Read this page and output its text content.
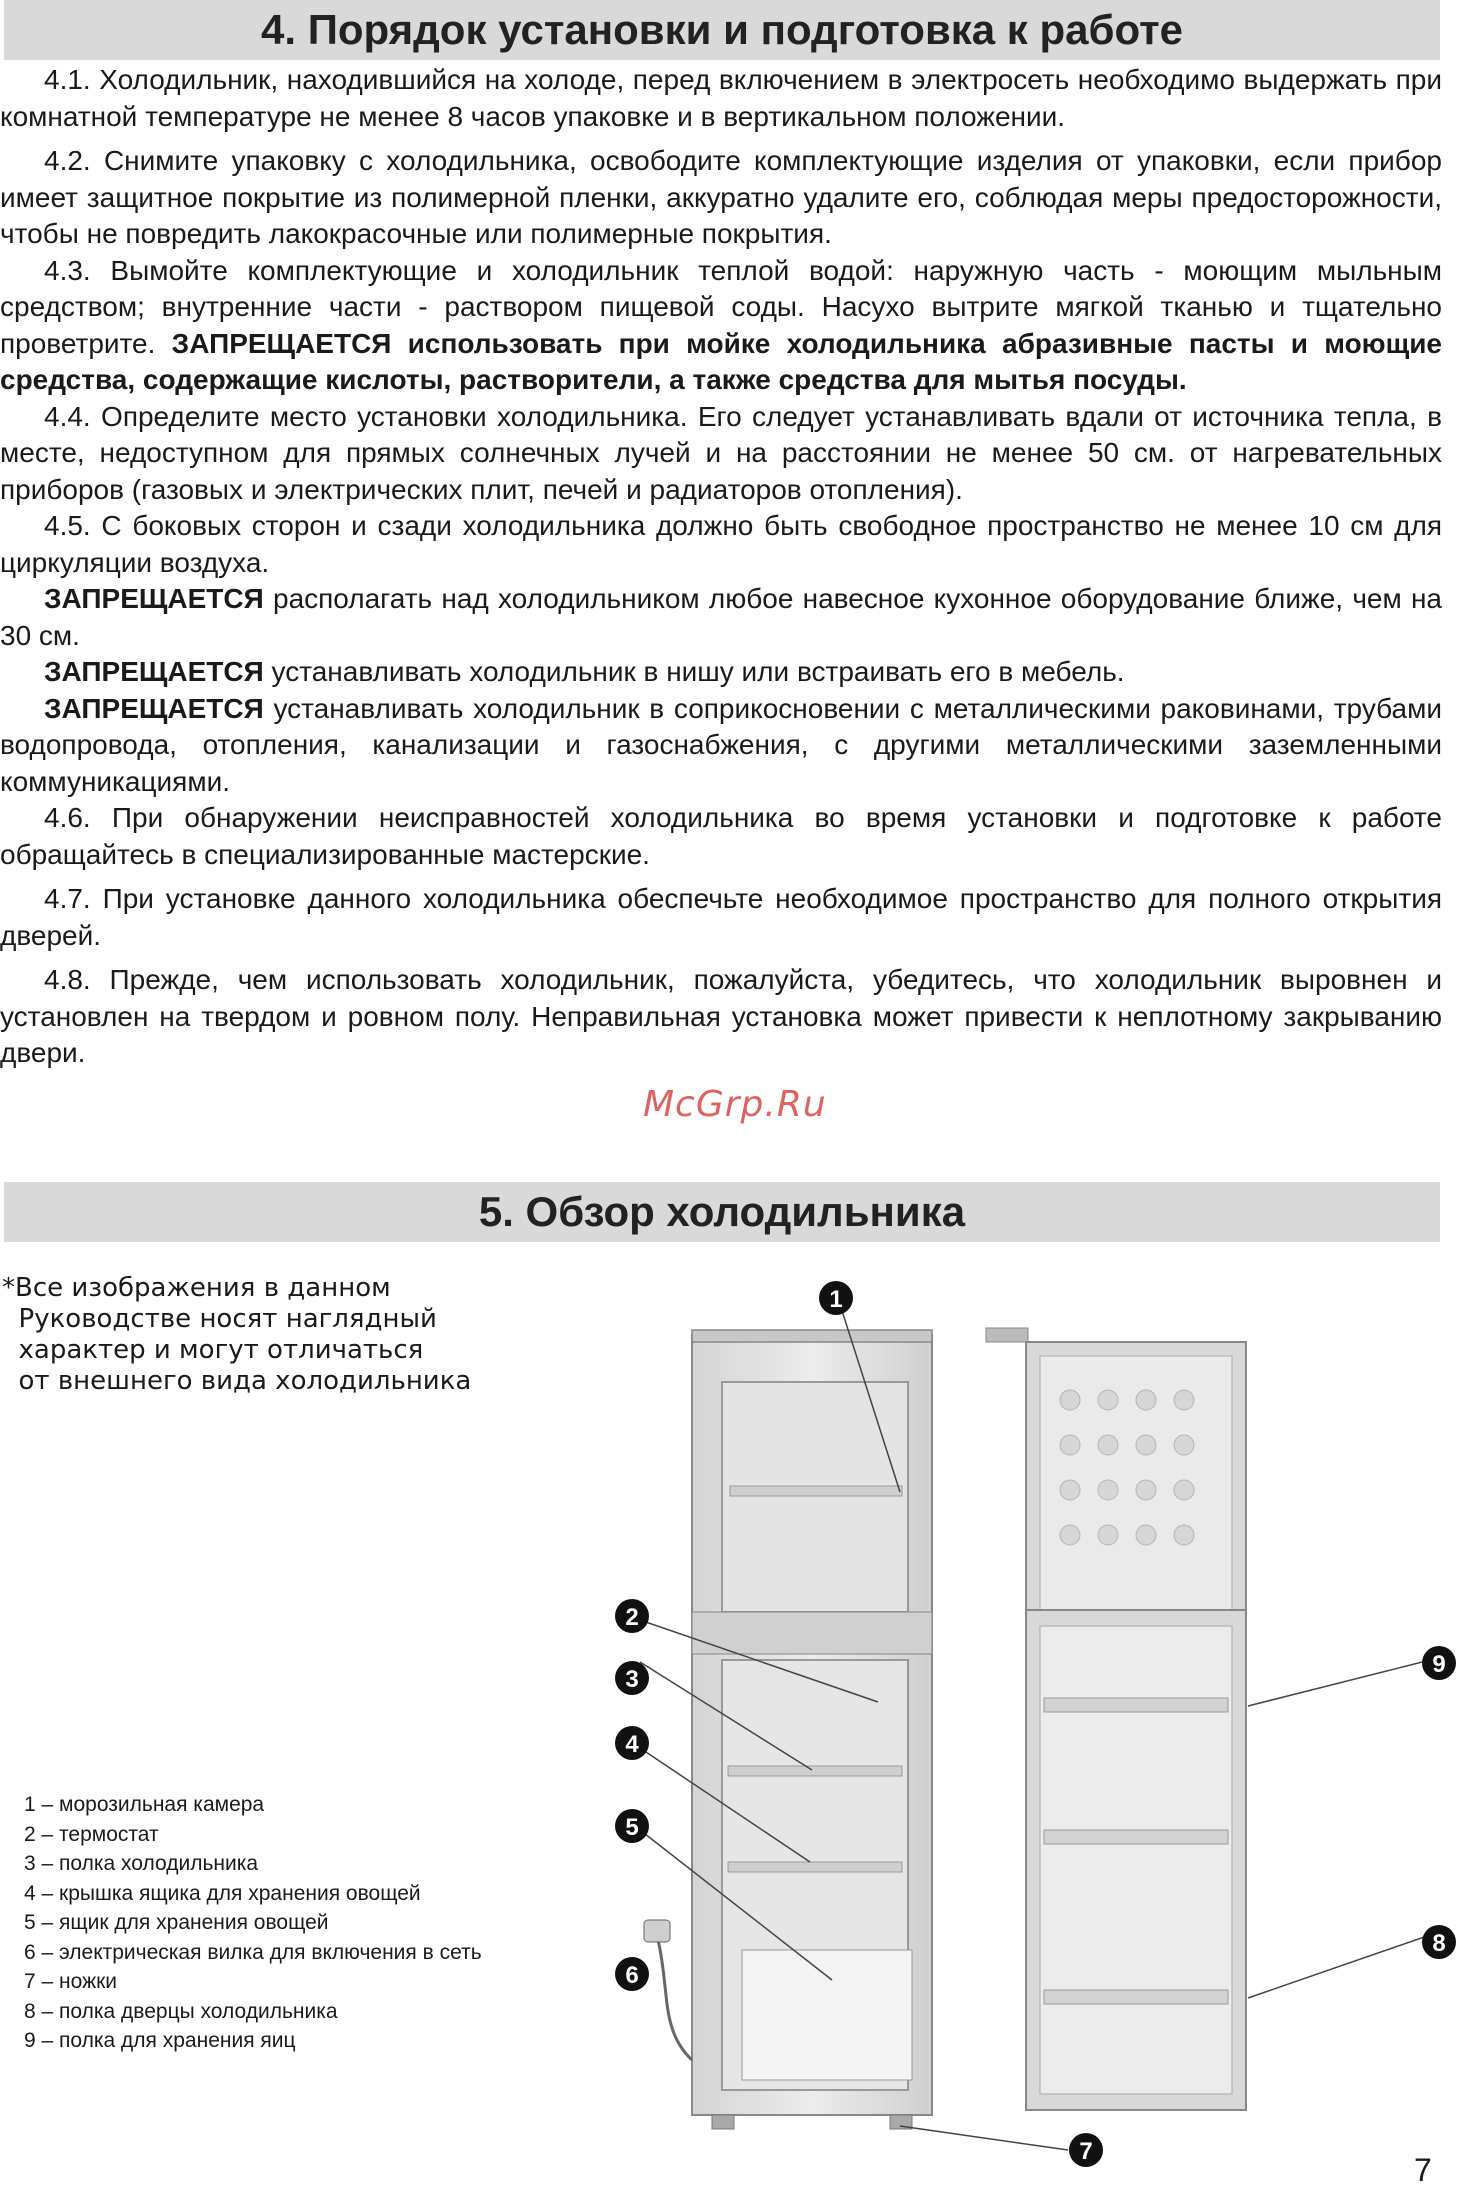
4. Порядок установки и подготовка к работе

4.1. Холодильник, находившийся на холоде, перед включением в электросеть необходимо выдержать при комнатной температуре не менее 8 часов упаковке и в вертикальном положении.

4.2. Снимите упаковку с холодильника, освободите комплектующие изделия от упаковки, если прибор имеет защитное покрытие из полимерной пленки, аккуратно удалите его, соблюдая меры предосторожности, чтобы не повредить лакокрасочные или полимерные покрытия.

4.3. Вымойте комплектующие и холодильник теплой водой: наружную часть - моющим мыльным средством; внутренние части - раствором пищевой соды. Насухо вытрите мягкой тканью и тщательно проветрите. ЗАПРЕЩАЕТСЯ использовать при мойке холодильника абразивные пасты и моющие средства, содержащие кислоты, растворители, а также средства для мытья посуды.

4.4. Определите место установки холодильника. Его следует устанавливать вдали от источника тепла, в месте, недоступном для прямых солнечных лучей и на расстоянии не менее 50 см. от нагревательных приборов (газовых и электрических плит, печей и радиаторов отопления).

4.5. С боковых сторон и сзади холодильника должно быть свободное пространство не менее 10 см для циркуляции воздуха.

ЗАПРЕЩАЕТСЯ располагать над холодильником любое навесное кухонное оборудование ближе, чем на 30 см.

ЗАПРЕЩАЕТСЯ устанавливать холодильник в нишу или встраивать его в мебель.

ЗАПРЕЩАЕТСЯ устанавливать холодильник в соприкосновении с металлическими раковинами, трубами водопровода, отопления, канализации и газоснабжения, с другими металлическими заземленными коммуникациями.

4.6. При обнаружении неисправностей холодильника во время установки и подготовке к работе обращайтесь в специализированные мастерские.

4.7. При установке данного холодильника обеспечьте необходимое пространство для полного открытия дверей.

4.8. Прежде, чем использовать холодильник, пожалуйста, убедитесь, что холодильник выровнен и установлен на твердом и ровном полу. Неправильная установка может привести к неплотному закрыванию двери.

McGrp.Ru
5. Обзор холодильника
*Все изображения в данном
Руководстве носят наглядный
характер и могут отличаться
от внешнего вида холодильника
1 – морозильная камера
2 – термостат
3 – полка холодильника
4 – крышка ящика для хранения овощей
5 – ящик для хранения овощей
6 – электрическая вилка для включения в сеть
7 – ножки
8 – полка дверцы холодильника
9 – полка для хранения яиц
1
2
3
4
5
6
7
8
9
7
